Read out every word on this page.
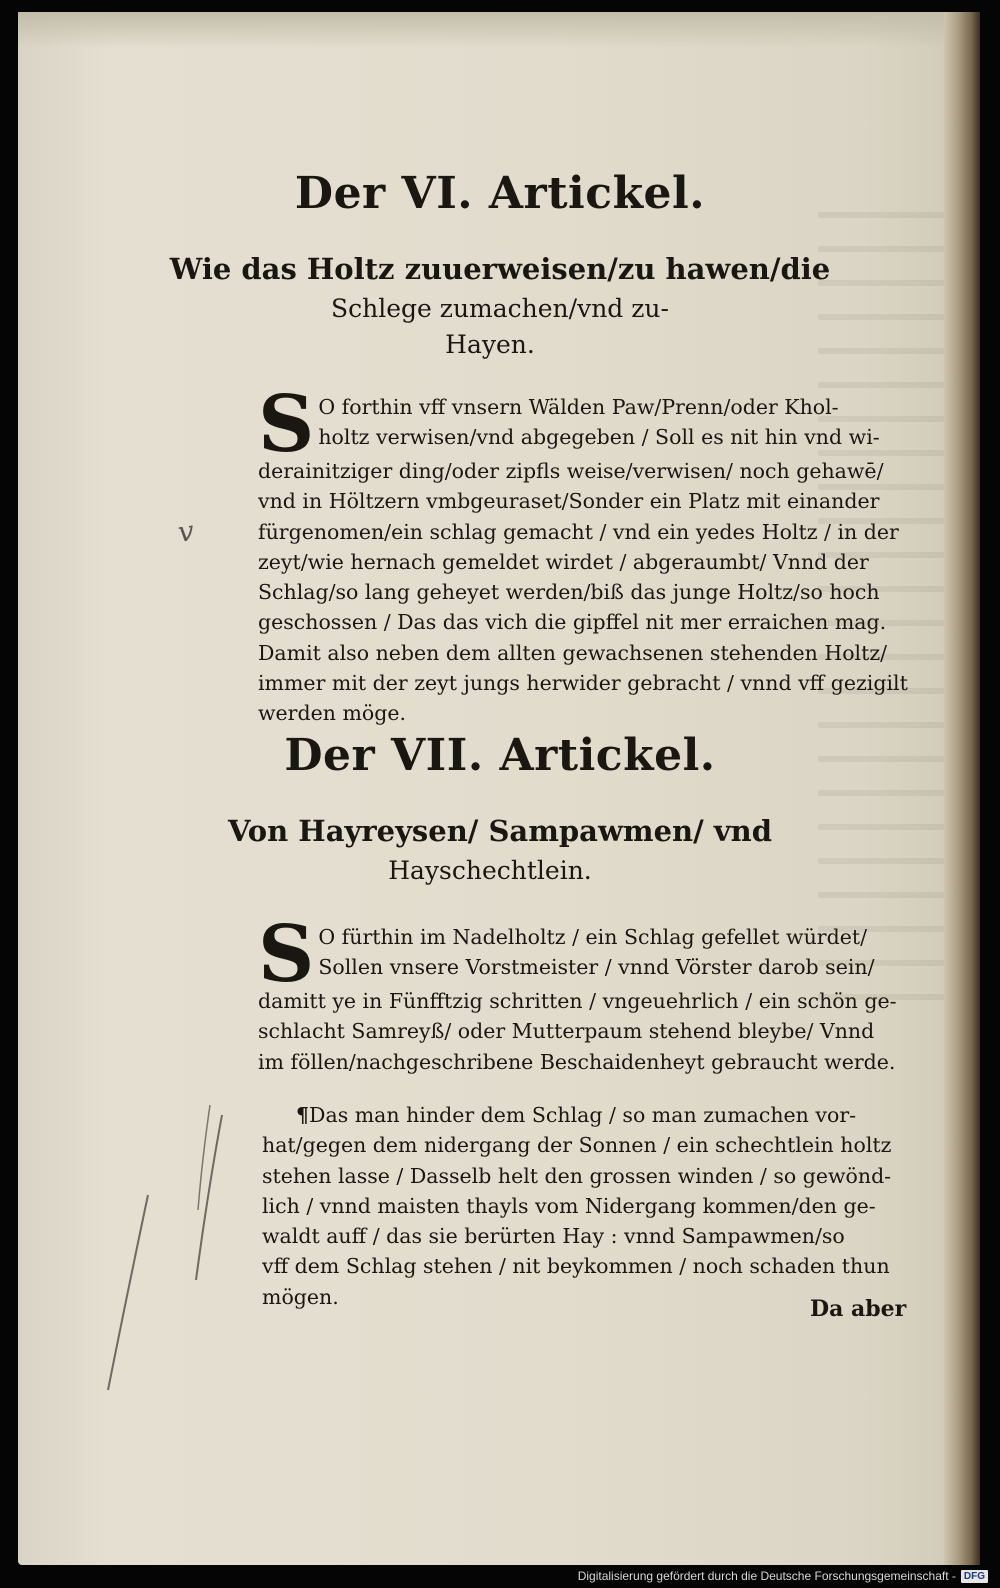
Der VI. Artickel.
Wie das Holtz zuuerweisen/zu hawen/die
Schlege zumachen/vnd zu-
Hayen.
S O forthin vff vnsern Wälden Paw/Prenn/oder Khol-
holtz verwisen/vnd abgegeben / Soll es nit hin vnd wi-
derainitziger ding/oder zipfls weise/verwisen/ noch gehawē/
vnd in Höltzern vmbgeuraset/Sonder ein Platz mit einander
fürgenomen/ein schlag gemacht / vnd ein yedes Holtz / in der
zeyt/wie hernach gemeldet wirdet / abgeraumbt/ Vnnd der
Schlag/so lang geheyet werden/biß das junge Holtz/so hoch
geschossen / Das das vich die gipffel nit mer erraichen mag.
Damit also neben dem allten gewachsenen stehenden Holtz/
immer mit der zeyt jungs herwider gebracht / vnnd vff gezigilt
werden möge.
v
Der VII. Artickel.
Von Hayreysen/ Sampawmen/ vnd
Hayschechtlein.
S O fürthin im Nadelholtz / ein Schlag gefellet würdet/
Sollen vnsere Vorstmeister / vnnd Vörster darob sein/
damitt ye in Fünfftzig schritten / vngeuehrlich / ein schön ge-
schlacht Samreyß/ oder Mutterpaum stehend bleybe/ Vnnd
im föllen/nachgeschribene Beschaidenheyt gebraucht werde.
¶Das man hinder dem Schlag / so man zumachen vor-
hat/gegen dem nidergang der Sonnen / ein schechtlein holtz
stehen lasse / Dasselb helt den grossen winden / so gewönd-
lich / vnnd maisten thayls vom Nidergang kommen/den ge-
waldt auff / das sie berürten Hay : vnnd Sampawmen/so
vff dem Schlag stehen / nit beykommen / noch schaden thun
mögen.	Da aber
Digitalisierung gefördert durch die Deutsche Forschungsgemeinschaft - DFG
